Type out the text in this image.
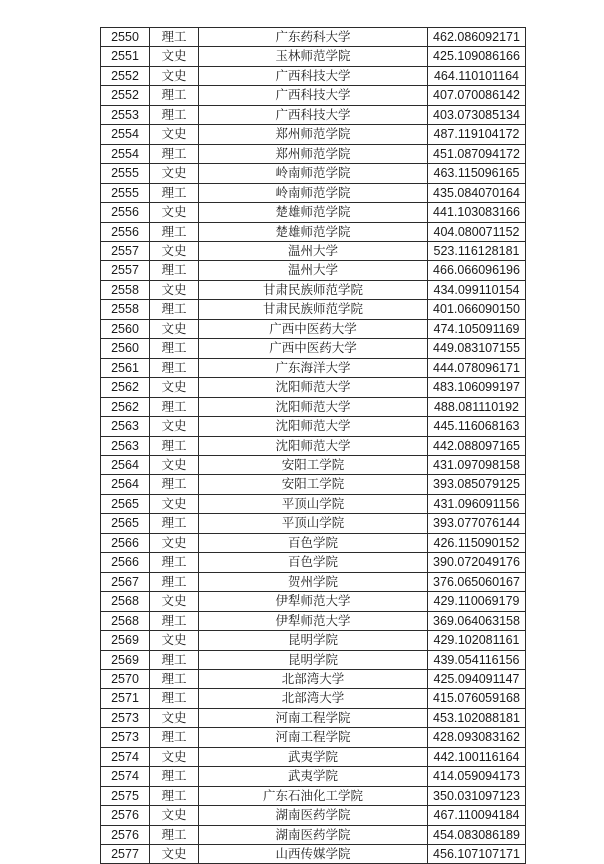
2550	理工	广东药科大学	462.086092171
2551	文史	玉林师范学院	425.109086166
2552	文史	广西科技大学	464.110101164
2552	理工	广西科技大学	407.070086142
2553	理工	广西科技大学	403.073085134
2554	文史	郑州师范学院	487.119104172
2554	理工	郑州师范学院	451.087094172
2555	文史	岭南师范学院	463.115096165
2555	理工	岭南师范学院	435.084070164
2556	文史	楚雄师范学院	441.103083166
2556	理工	楚雄师范学院	404.080071152
2557	文史	温州大学	523.116128181
2557	理工	温州大学	466.066096196
2558	文史	甘肃民族师范学院	434.099110154
2558	理工	甘肃民族师范学院	401.066090150
2560	文史	广西中医药大学	474.105091169
2560	理工	广西中医药大学	449.083107155
2561	理工	广东海洋大学	444.078096171
2562	文史	沈阳师范大学	483.106099197
2562	理工	沈阳师范大学	488.081110192
2563	文史	沈阳师范大学	445.116068163
2563	理工	沈阳师范大学	442.088097165
2564	文史	安阳工学院	431.097098158
2564	理工	安阳工学院	393.085079125
2565	文史	平顶山学院	431.096091156
2565	理工	平顶山学院	393.077076144
2566	文史	百色学院	426.115090152
2566	理工	百色学院	390.072049176
2567	理工	贺州学院	376.065060167
2568	文史	伊犁师范大学	429.110069179
2568	理工	伊犁师范大学	369.064063158
2569	文史	昆明学院	429.102081161
2569	理工	昆明学院	439.054116156
2570	理工	北部湾大学	425.094091147
2571	理工	北部湾大学	415.076059168
2573	文史	河南工程学院	453.102088181
2573	理工	河南工程学院	428.093083162
2574	文史	武夷学院	442.100116164
2574	理工	武夷学院	414.059094173
2575	理工	广东石油化工学院	350.031097123
2576	文史	湖南医药学院	467.110094184
2576	理工	湖南医药学院	454.083086189
2577	文史	山西传媒学院	456.107107171
